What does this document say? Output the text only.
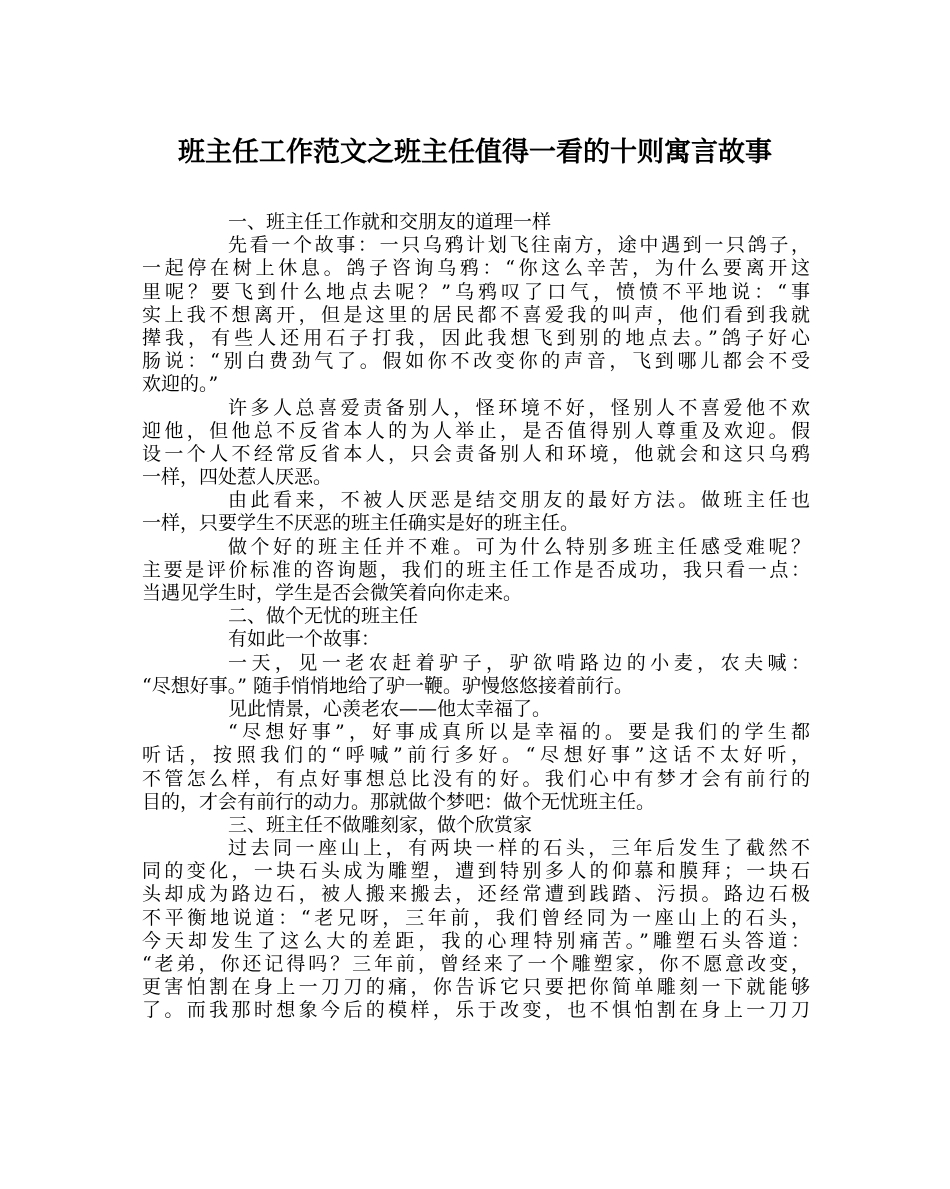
班主任工作范文之班主任值得一看的十则寓言故事
一、班主任工作就和交朋友的道理一样
先看一个故事：一只乌鸦计划飞往南方，途中遇到一只鸽子，
一起停在树上休息。鸽子咨询乌鸦：“你这么辛苦，为什么要离开这
里呢？要飞到什么地点去呢？”乌鸦叹了口气，愤愤不平地说：“事
实上我不想离开，但是这里的居民都不喜爱我的叫声，他们看到我就
撵我，有些人还用石子打我，因此我想飞到别的地点去。”鸽子好心
肠说：“别白费劲气了。假如你不改变你的声音，飞到哪儿都会不受
欢迎的。”
许多人总喜爱责备别人，怪环境不好，怪别人不喜爱他不欢
迎他，但他总不反省本人的为人举止，是否值得别人尊重及欢迎。假
设一个人不经常反省本人，只会责备别人和环境，他就会和这只乌鸦
一样，四处惹人厌恶。
由此看来，不被人厌恶是结交朋友的最好方法。做班主任也
一样，只要学生不厌恶的班主任确实是好的班主任。
做个好的班主任并不难。可为什么特别多班主任感受难呢？
主要是评价标准的咨询题，我们的班主任工作是否成功，我只看一点：
当遇见学生时，学生是否会微笑着向你走来。
二、做个无忧的班主任
有如此一个故事：
一天，见一老农赶着驴子，驴欲啃路边的小麦，农夫喊：
“尽想好事。” 随手悄悄地给了驴一鞭。驴慢悠悠接着前行。
见此情景，心羡老农——他太幸福了。
“尽想好事”，好事成真所以是幸福的。要是我们的学生都
听话，按照我们的“呼喊”前行多好。“尽想好事”这话不太好听，
不管怎么样，有点好事想总比没有的好。我们心中有梦才会有前行的
目的，才会有前行的动力。那就做个梦吧：做个无忧班主任。
三、班主任不做雕刻家，做个欣赏家
过去同一座山上，有两块一样的石头，三年后发生了截然不
同的变化，一块石头成为雕塑，遭到特别多人的仰慕和膜拜；一块石
头却成为路边石，被人搬来搬去，还经常遭到践踏、污损。路边石极
不平衡地说道：“老兄呀，三年前，我们曾经同为一座山上的石头，
今天却发生了这么大的差距，我的心理特别痛苦。”雕塑石头答道：
“老弟，你还记得吗？三年前，曾经来了一个雕塑家，你不愿意改变，
更害怕割在身上一刀刀的痛，你告诉它只要把你简单雕刻一下就能够
了。而我那时想象今后的模样，乐于改变，也不惧怕割在身上一刀刀
